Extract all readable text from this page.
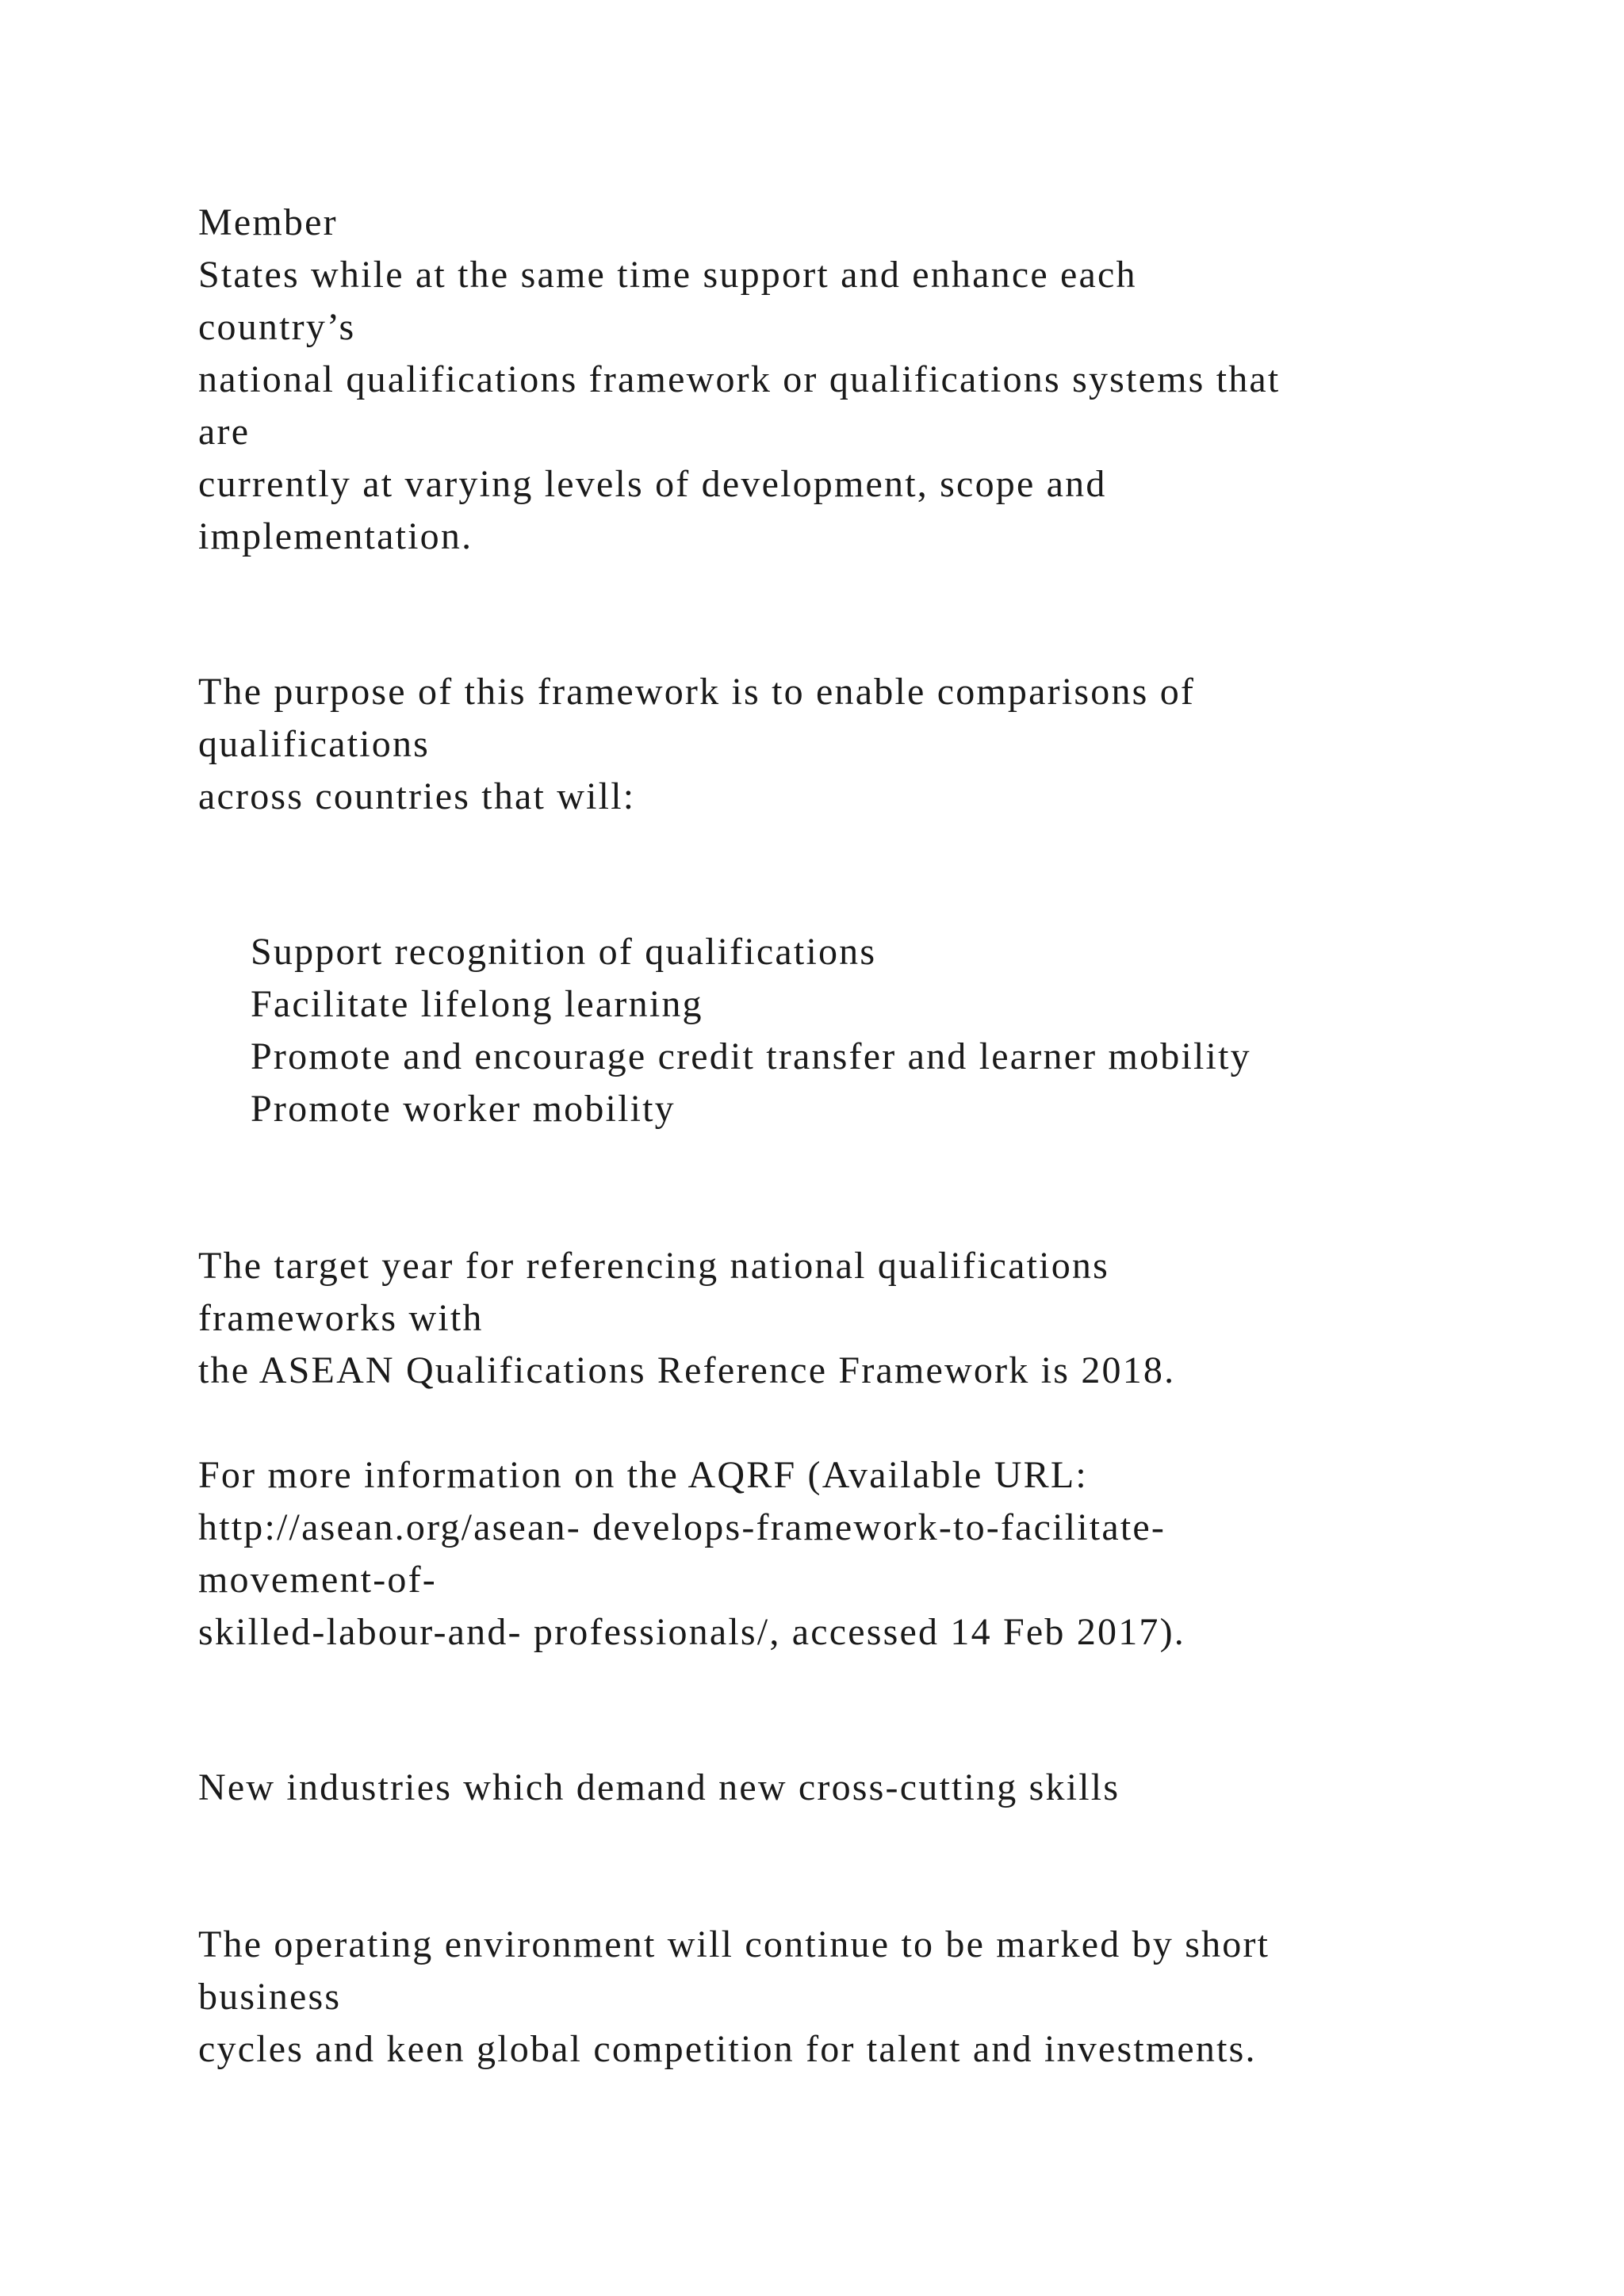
Member
States while at the same time support and enhance each
country’s
national qualifications framework or qualifications systems that
are
currently at varying levels of development, scope and
implementation.
The purpose of this framework is to enable comparisons of
qualifications
across countries that will:
Support recognition of qualifications
Facilitate lifelong learning
Promote and encourage credit transfer and learner mobility
Promote worker mobility
The target year for referencing national qualifications
frameworks with
the ASEAN Qualifications Reference Framework is 2018.
For more information on the AQRF (Available URL:
http://asean.org/asean- develops-framework-to-facilitate-
movement-of-
skilled-labour-and- professionals/, accessed 14 Feb 2017).
New industries which demand new cross-cutting skills
The operating environment will continue to be marked by short
business
cycles and keen global competition for talent and investments.
